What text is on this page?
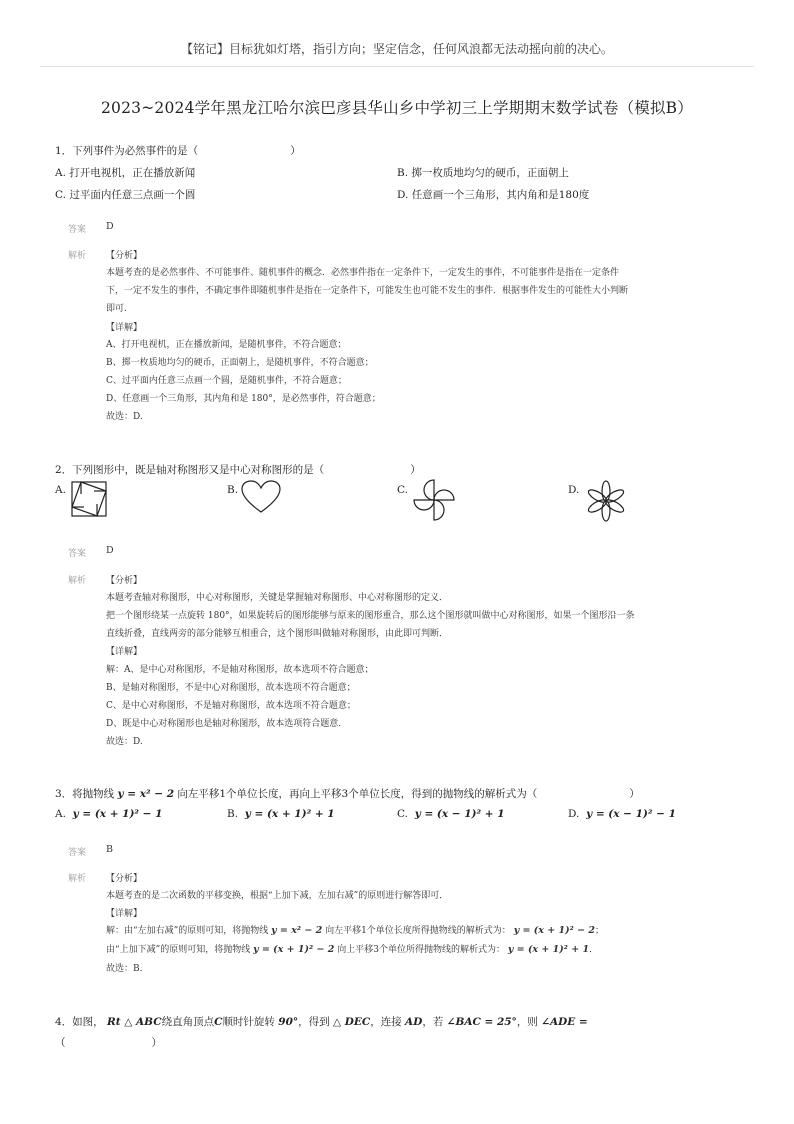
【铭记】目标犹如灯塔，指引方向；坚定信念，任何风浪都无法动摇向前的决心。
2023~2024学年黑龙江哈尔滨巴彦县华山乡中学初三上学期期末数学试卷（模拟B）
1．下列事件为必然事件的是（	）
A. 打开电视机，正在播放新闻	B. 掷一枚质地均匀的硬币，正面朝上
C. 过平面内任意三点画一个圆	D. 任意画一个三角形，其内角和是180度
答案 D
解析 【分析】
本题考查的是必然事件、不可能事件、随机事件的概念．必然事件指在一定条件下，一定发生的事件，不可能事件是指在一定条件
下，一定不发生的事件，不确定事件即随机事件是指在一定条件下，可能发生也可能不发生的事件．根据事件发生的可能性大小判断
即可.
【详解】
A、打开电视机，正在播放新闻，是随机事件，不符合题意；
B、掷一枚质地均匀的硬币，正面朝上，是随机事件，不符合题意；
C、过平面内任意三点画一个圆，是随机事件，不符合题意；
D、任意画一个三角形，其内角和是 180°，是必然事件，符合题意；
故选：D.
2．下列图形中，既是轴对称图形又是中心对称图形的是（	）
A.	B.	C.	D.
答案 D
解析 【分析】
本题考查轴对称图形，中心对称图形，关键是掌握轴对称图形、中心对称图形的定义．
把一个图形绕某一点旋转 180°，如果旋转后的图形能够与原来的图形重合，那么这个图形就叫做中心对称图形，如果一个图形沿一条
直线折叠，直线两旁的部分能够互相重合，这个图形叫做轴对称图形，由此即可判断．
【详解】
解：A、是中心对称图形，不是轴对称图形，故本选项不符合题意；
B、是轴对称图形，不是中心对称图形，故本选项不符合题意；
C、是中心对称图形，不是轴对称图形，故本选项不符合题意；
D、既是中心对称图形也是轴对称图形，故本选项符合题意．
故选：D.
3．将抛物线 y = x² − 2 向左平移1个单位长度，再向上平移3个单位长度，得到的抛物线的解析式为（	）
A. y = (x + 1)² − 1	B. y = (x + 1)² + 1	C. y = (x − 1)² + 1	D. y = (x − 1)² − 1
答案 B
解析 【分析】
本题考查的是二次函数的平移变换，根据“上加下减，左加右减”的原则进行解答即可．
【详解】
解：由“左加右减”的原则可知，将抛物线 y = x² − 2 向左平移1个单位长度所得抛物线的解析式为： y = (x + 1)² − 2；
由“上加下减”的原则可知，将抛物线 y = (x + 1)² − 2 向上平移3个单位所得抛物线的解析式为： y = (x + 1)² + 1．
故选：B.
4．如图， Rt △ ABC绕直角顶点C顺时针旋转 90°，得到 △ DEC，连接 AD，若 ∠BAC = 25°，则 ∠ADE =
（	）
